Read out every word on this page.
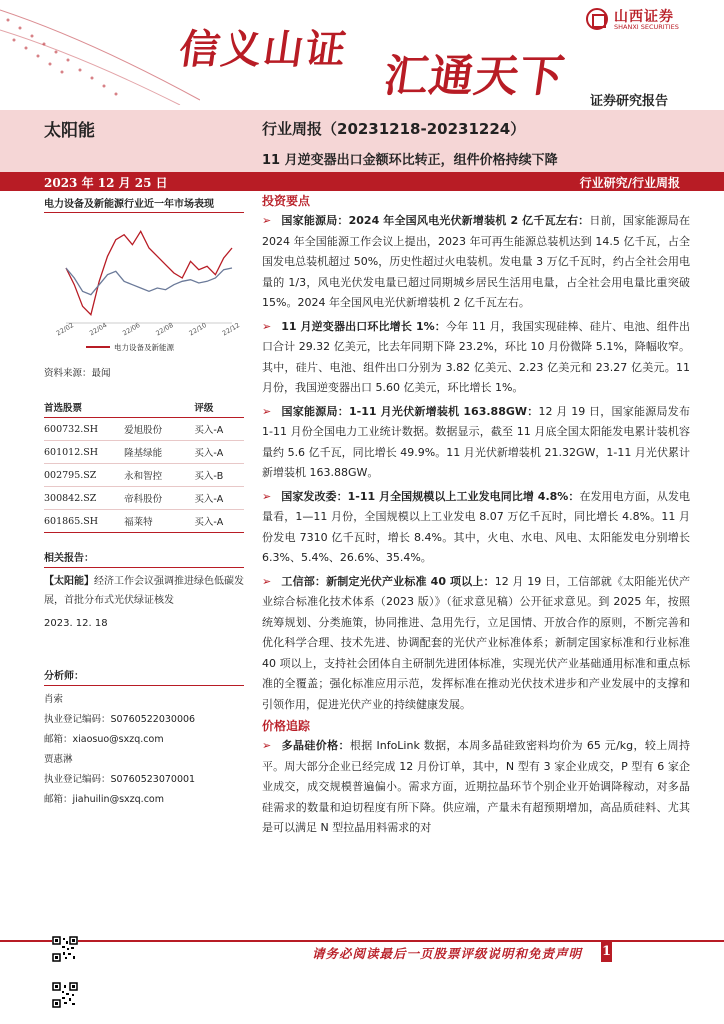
信义山证
汇通天下
山西证券
SHANXI SECURITIES
证券研究报告
太阳能	行业周报（20231218-20231224）
11 月逆变器出口金额环比转正，组件价格持续下降
2023 年 12 月 25 日	行业研究/行业周报
电力设备及新能源行业近一年市场表现
22/02 22/04 22/06 22/08 22/10 22/12
电力设备及新能源
资料来源：最闻
首选股票		评级
600732.SH	爱旭股份	买入-A
601012.SH	隆基绿能	买入-A
002795.SZ	永和智控	买入-B
300842.SZ	帝科股份	买入-A
601865.SH	福莱特	买入-A
相关报告：
【太阳能】经济工作会议强调推进绿色低碳发展，首批分布式光伏绿证核发
2023. 12. 18
分析师：
肖索
执业登记编码：S0760522030006
邮箱：xiaosuo@sxzq.com
贾惠淋
执业登记编码：S0760523070001
邮箱：jiahuilin@sxzq.com
投资要点

➢ 国家能源局：2024 年全国风电光伏新增装机 2 亿千瓦左右：日前，国家能源局在 2024 年全国能源工作会议上提出，2023 年可再生能源总装机达到 14.5 亿千瓦，占全国发电总装机超过 50%，历史性超过火电装机。发电量 3 万亿千瓦时，约占全社会用电量的 1/3，风电光伏发电量已超过同期城乡居民生活用电量，占全社会用电量比重突破 15%。2024 年全国风电光伏新增装机 2 亿千瓦左右。

➢ 11 月逆变器出口环比增长 1%：今年 11 月，我国实现硅棒、硅片、电池、组件出口合计 29.32 亿美元，比去年同期下降 23.2%，环比 10 月份微降 5.1%，降幅收窄。其中，硅片、电池、组件出口分别为 3.82 亿美元、2.23 亿美元和 23.27 亿美元。11 月份，我国逆变器出口 5.60 亿美元，环比增长 1%。

➢ 国家能源局：1-11 月光伏新增装机 163.88GW：12 月 19 日，国家能源局发布 1-11 月份全国电力工业统计数据。数据显示，截至 11 月底全国太阳能发电累计装机容量约 5.6 亿千瓦，同比增长 49.9%。11 月光伏新增装机 21.32GW，1-11 月光伏累计新增装机 163.88GW。

➢ 国家发改委：1-11 月全国规模以上工业发电同比增 4.8%：在发用电方面，从发电量看，1—11 月份，全国规模以上工业发电 8.07 万亿千瓦时，同比增长 4.8%。11 月份发电 7310 亿千瓦时，增长 8.4%。其中，火电、水电、风电、太阳能发电分别增长 6.3%、5.4%、26.6%、35.4%。

➢ 工信部：新制定光伏产业标准 40 项以上：12 月 19 日，工信部就《太阳能光伏产业综合标准化技术体系（2023 版）》（征求意见稿）公开征求意见。到 2025 年，按照统筹规划、分类施策，协同推进、急用先行，立足国情、开放合作的原则，不断完善和优化科学合理、技术先进、协调配套的光伏产业标准体系；新制定国家标准和行业标准 40 项以上，支持社会团体自主研制先进团体标准，实现光伏产业基础通用标准和重点标准的全覆盖；强化标准应用示范，发挥标准在推动光伏技术进步和产业发展中的支撑和引领作用，促进光伏产业的持续健康发展。

价格追踪

➢ 多晶硅价格：根据 InfoLink 数据，本周多晶硅致密料均价为 65 元/kg，较上周持平。周大部分企业已经完成 12 月份订单，其中，N 型有 3 家企业成交，P 型有 6 家企业成交，成交规模普遍偏小。需求方面，近期拉晶环节个别企业开始调降稼动，对多晶硅需求的数量和迫切程度有所下降。供应端，产量未有超预期增加，高品质硅料、尤其是可以满足 N 型拉晶用料需求的对

请务必阅读最后一页股票评级说明和免责声明 1
